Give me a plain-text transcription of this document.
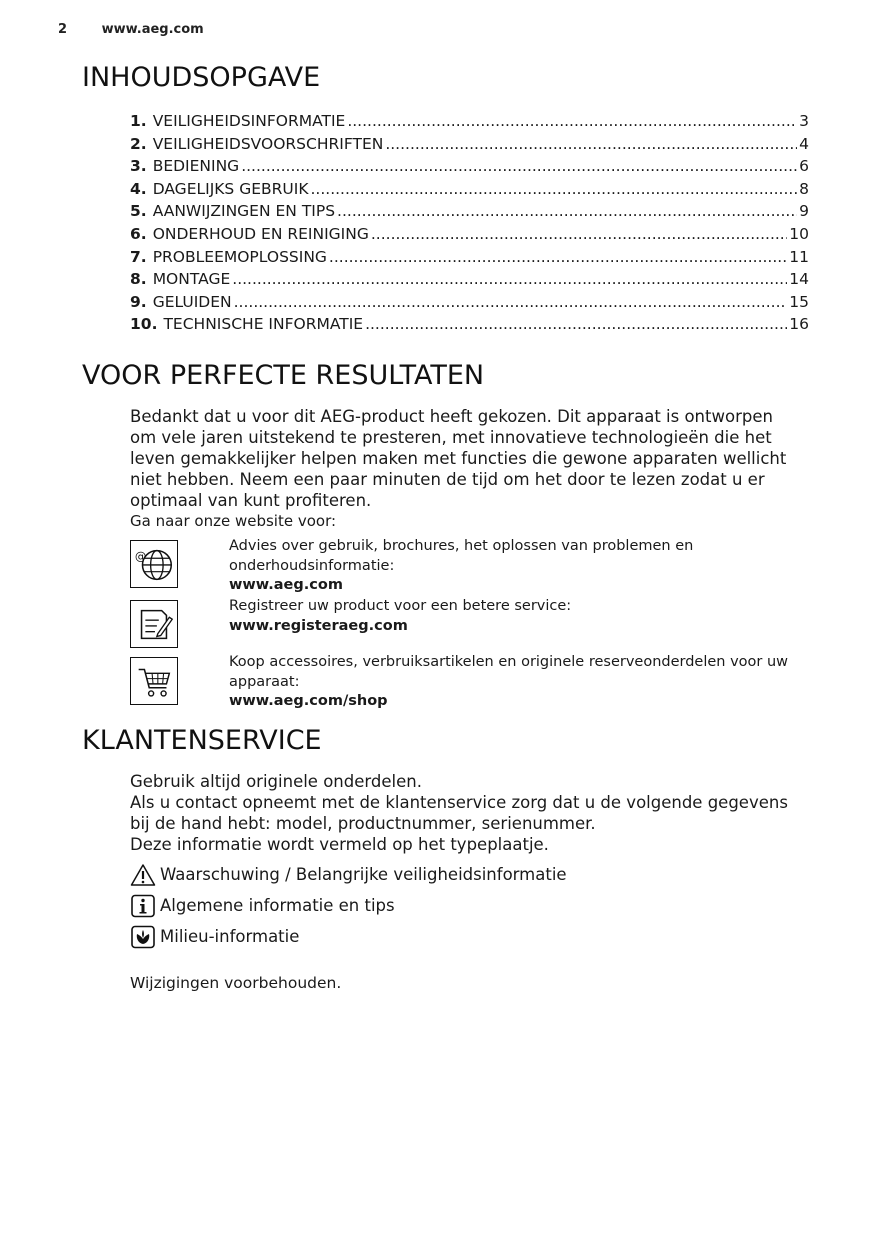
2	www.aeg.com
INHOUDSOPGAVE
1. VEILIGHEIDSINFORMATIE .....	3
2. VEILIGHEIDSVOORSCHRIFTEN .....	4
3. BEDIENING .....	6
4. DAGELIJKS GEBRUIK .....	8
5. AANWIJZINGEN EN TIPS .....	9
6. ONDERHOUD EN REINIGING .....	10
7. PROBLEEMOPLOSSING .....	11
8. MONTAGE .....	14
9. GELUIDEN .....	15
10. TECHNISCHE INFORMATIE .....	16
VOOR PERFECTE RESULTATEN

Bedankt dat u voor dit AEG-product heeft gekozen. Dit apparaat is ontworpen

om vele jaren uitstekend te presteren, met innovatieve technologieën die het

leven gemakkelijker helpen maken met functies die gewone apparaten wellicht

niet hebben. Neem een paar minuten de tijd om het door te lezen zodat u er

optimaal van kunt profiteren.

Ga naar onze website voor:

@
Advies over gebruik, brochures, het oplossen van problemen en
onderhoudsinformatie:
www.aeg.com
Registreer uw product voor een betere service:
www.registeraeg.com
Koop accessoires, verbruiksartikelen en originele reserveonderdelen voor uw
apparaat:
www.aeg.com/shop
KLANTENSERVICE

Gebruik altijd originele onderdelen.

Als u contact opneemt met de klantenservice zorg dat u de volgende gegevens

bij de hand hebt: model, productnummer, serienummer.

Deze informatie wordt vermeld op het typeplaatje.

Waarschuwing / Belangrijke veiligheidsinformatie
Algemene informatie en tips
Milieu-informatie
Wijzigingen voorbehouden.
